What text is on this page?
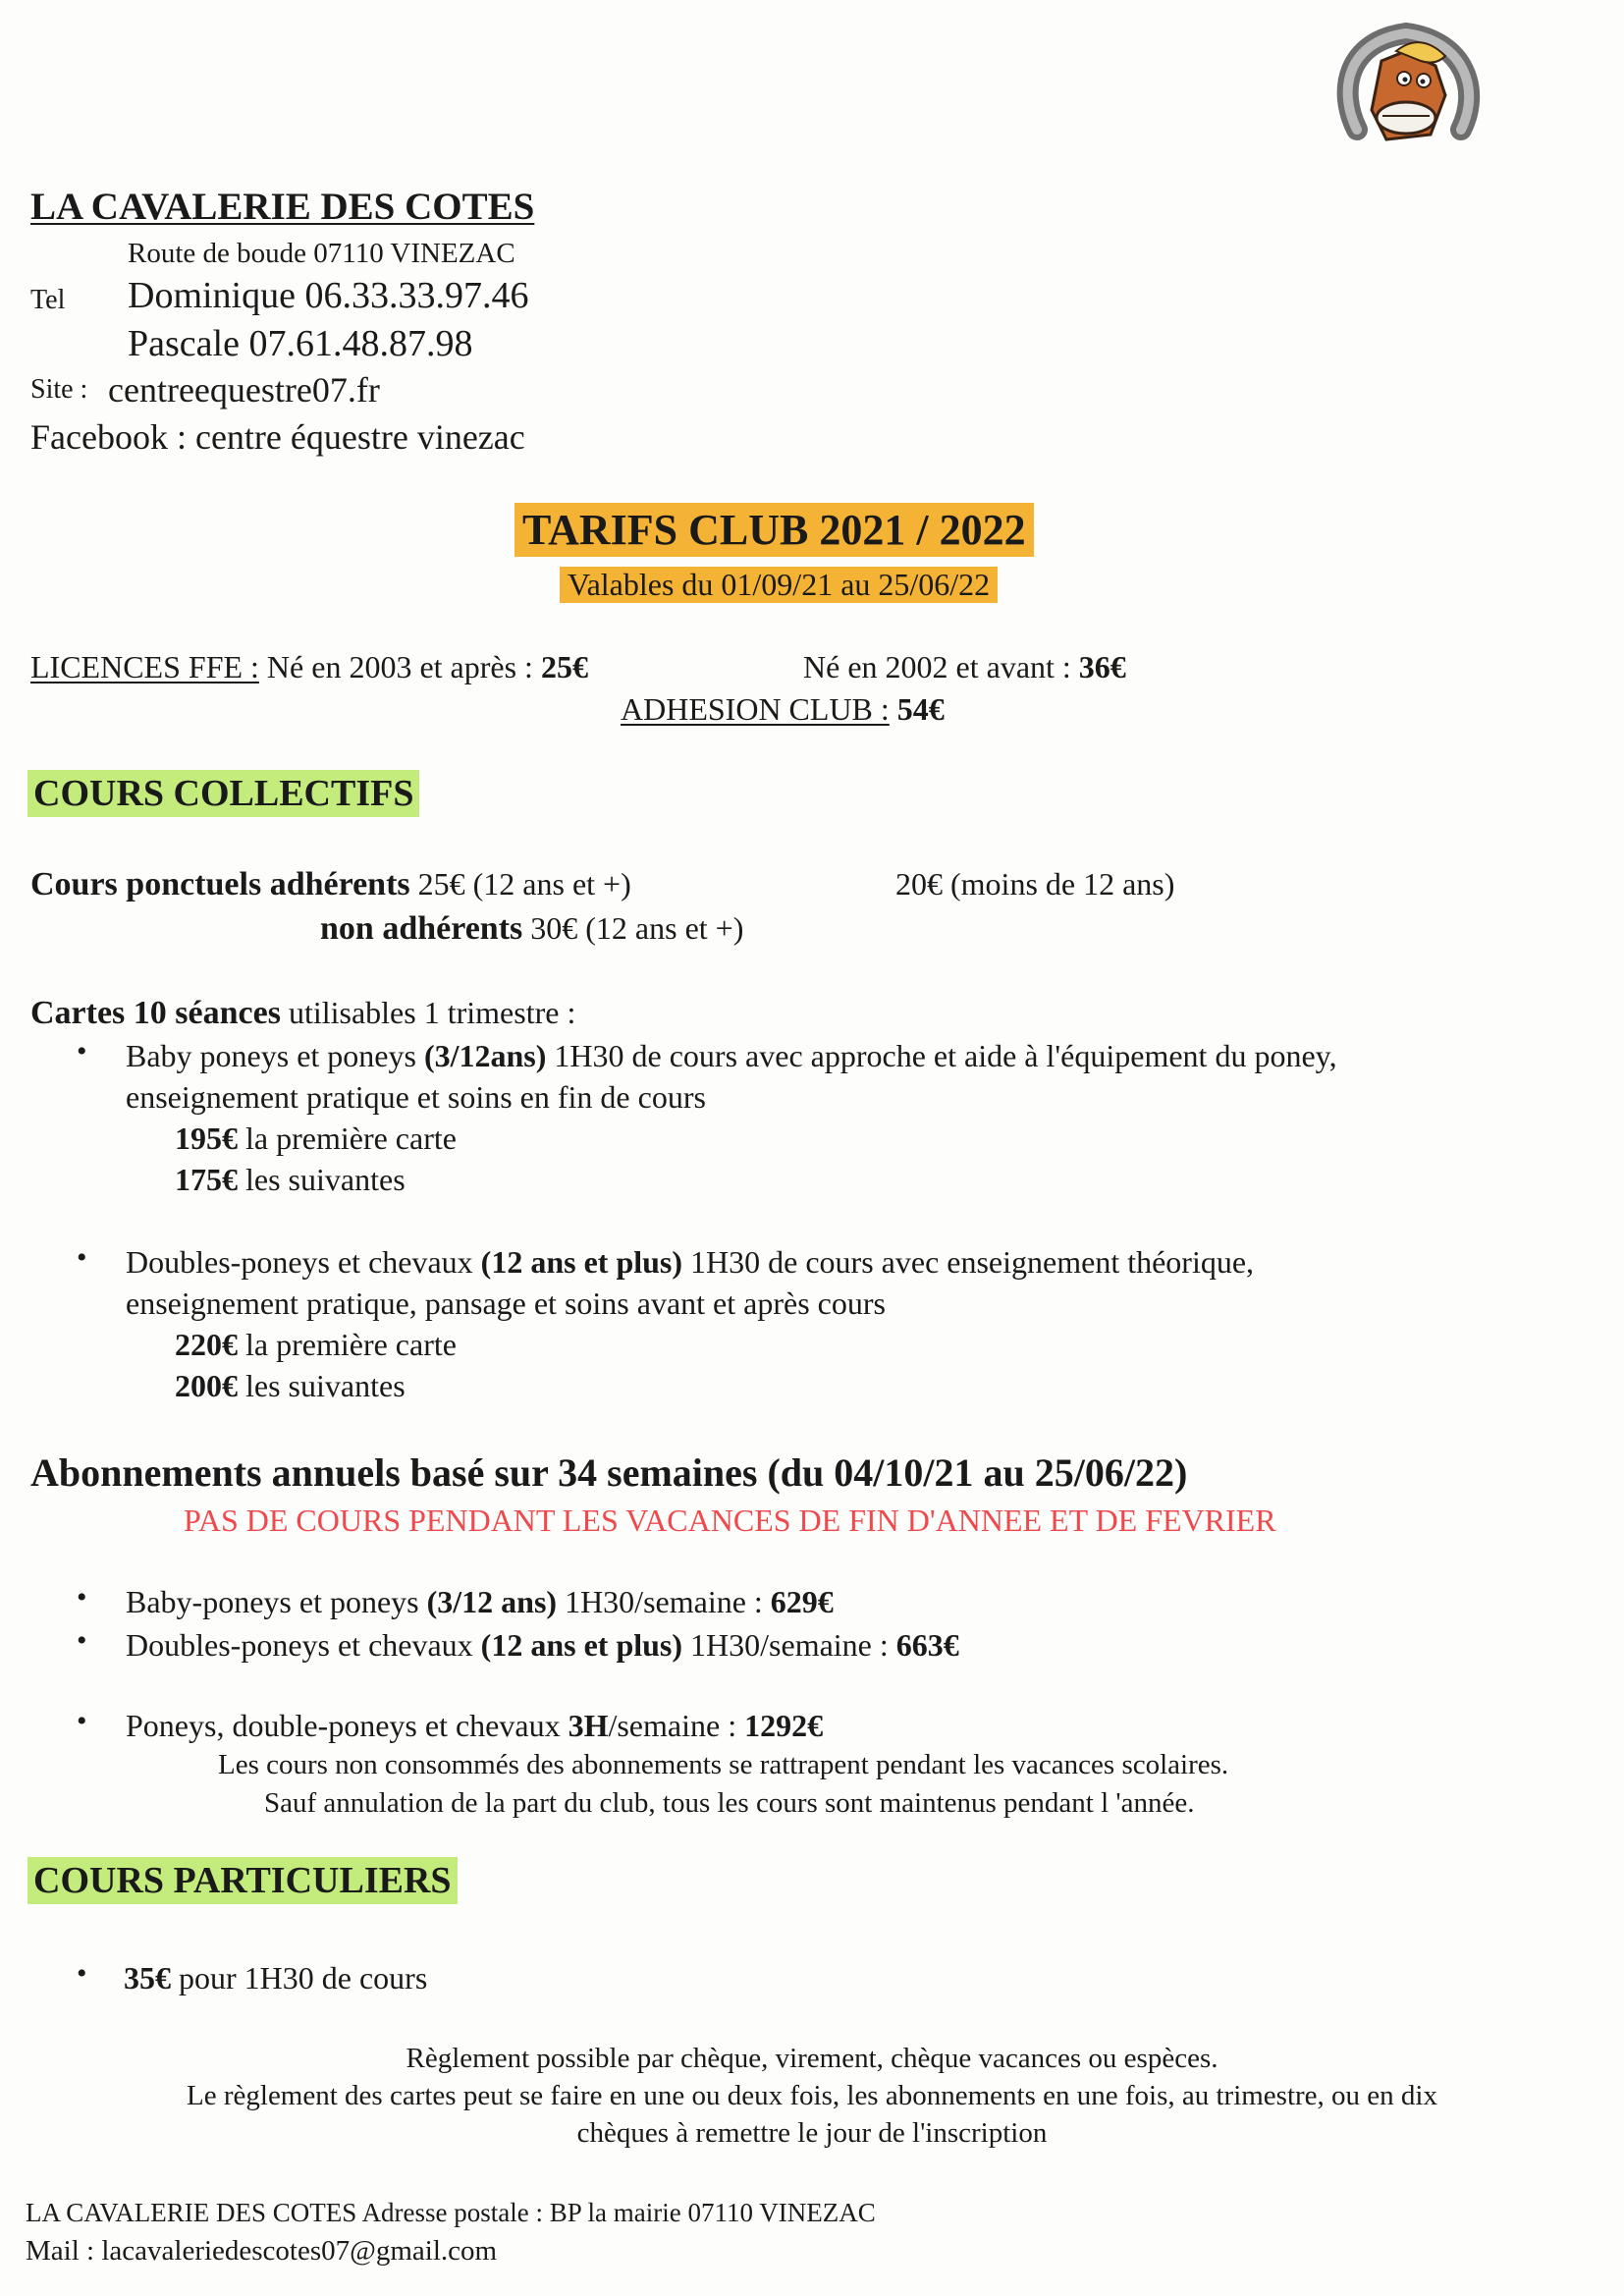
LA CAVALERIE DES COTES
Route de boude 07110 VINEZAC
Tel Dominique 06.33.33.97.46
Pascale 07.61.48.87.98
Site : centreequestre07.fr
Facebook : centre équestre vinezac
TARIFS CLUB 2021 / 2022
Valables du 01/09/21 au 25/06/22
LICENCES FFE : Né en 2003 et après : 25€	Né en 2002 et avant : 36€
ADHESION CLUB : 54€
COURS COLLECTIFS
Cours ponctuels adhérents 25€ (12 ans et +)	20€ (moins de 12 ans)
non adhérents 30€ (12 ans et +)
Cartes 10 séances utilisables 1 trimestre :
• Baby poneys et poneys (3/12ans) 1H30 de cours avec approche et aide à l'équipement du poney,
enseignement pratique et soins en fin de cours
195€ la première carte
175€ les suivantes
• Doubles-poneys et chevaux (12 ans et plus) 1H30 de cours avec enseignement théorique,
enseignement pratique, pansage et soins avant et après cours
220€ la première carte
200€ les suivantes
Abonnements annuels basé sur 34 semaines (du 04/10/21 au 25/06/22)
PAS DE COURS PENDANT LES VACANCES DE FIN D'ANNEE ET DE FEVRIER
• Baby-poneys et poneys (3/12 ans) 1H30/semaine : 629€
• Doubles-poneys et chevaux (12 ans et plus) 1H30/semaine : 663€
• Poneys, double-poneys et chevaux 3H/semaine : 1292€
Les cours non consommés des abonnements se rattrapent pendant les vacances scolaires.
Sauf annulation de la part du club, tous les cours sont maintenus pendant l 'année.
COURS PARTICULIERS
• 35€ pour 1H30 de cours
Règlement possible par chèque, virement, chèque vacances ou espèces.
Le règlement des cartes peut se faire en une ou deux fois, les abonnements en une fois, au trimestre, ou en dix
chèques à remettre le jour de l'inscription
LA CAVALERIE DES COTES Adresse postale : BP la mairie 07110 VINEZAC
Mail : lacavaleriedescotes07@gmail.com
